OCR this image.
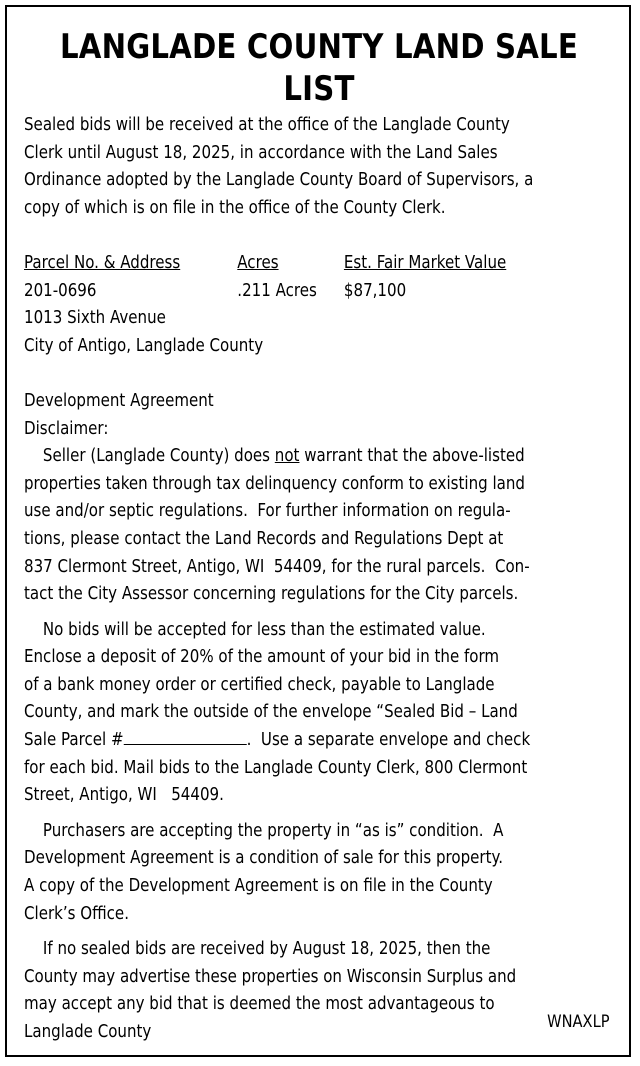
LANGLADE COUNTY LAND SALE LIST
Sealed bids will be received at the office of the Langlade County
Clerk until August 18, 2025, in accordance with the Land Sales
Ordinance adopted by the Langlade County Board of Supervisors, a
copy of which is on file in the office of the County Clerk.
Parcel No. & Address	Acres	Est. Fair Market Value
201-0696	.211 Acres	$87,100
1013 Sixth Avenue
City of Antigo, Langlade County
Development Agreement
Disclaimer:
Seller (Langlade County) does not warrant that the above-listed
properties taken through tax delinquency conform to existing land
use and/or septic regulations.  For further information on regula-
tions, please contact the Land Records and Regulations Dept at
837 Clermont Street, Antigo, WI  54409, for the rural parcels.  Con-
tact the City Assessor concerning regulations for the City parcels.
No bids will be accepted for less than the estimated value.
Enclose a deposit of 20% of the amount of your bid in the form
of a bank money order or certified check, payable to Langlade
County, and mark the outside of the envelope “Sealed Bid – Land
Sale Parcel #	.  Use a separate envelope and check
for each bid. Mail bids to the Langlade County Clerk, 800 Clermont
Street, Antigo, WI   54409.
Purchasers are accepting the property in “as is” condition.  A
Development Agreement is a condition of sale for this property.
A copy of the Development Agreement is on file in the County
Clerk’s Office.
If no sealed bids are received by August 18, 2025, then the
County may advertise these properties on Wisconsin Surplus and
may accept any bid that is deemed the most advantageous to
Langlade County	WNAXLP
